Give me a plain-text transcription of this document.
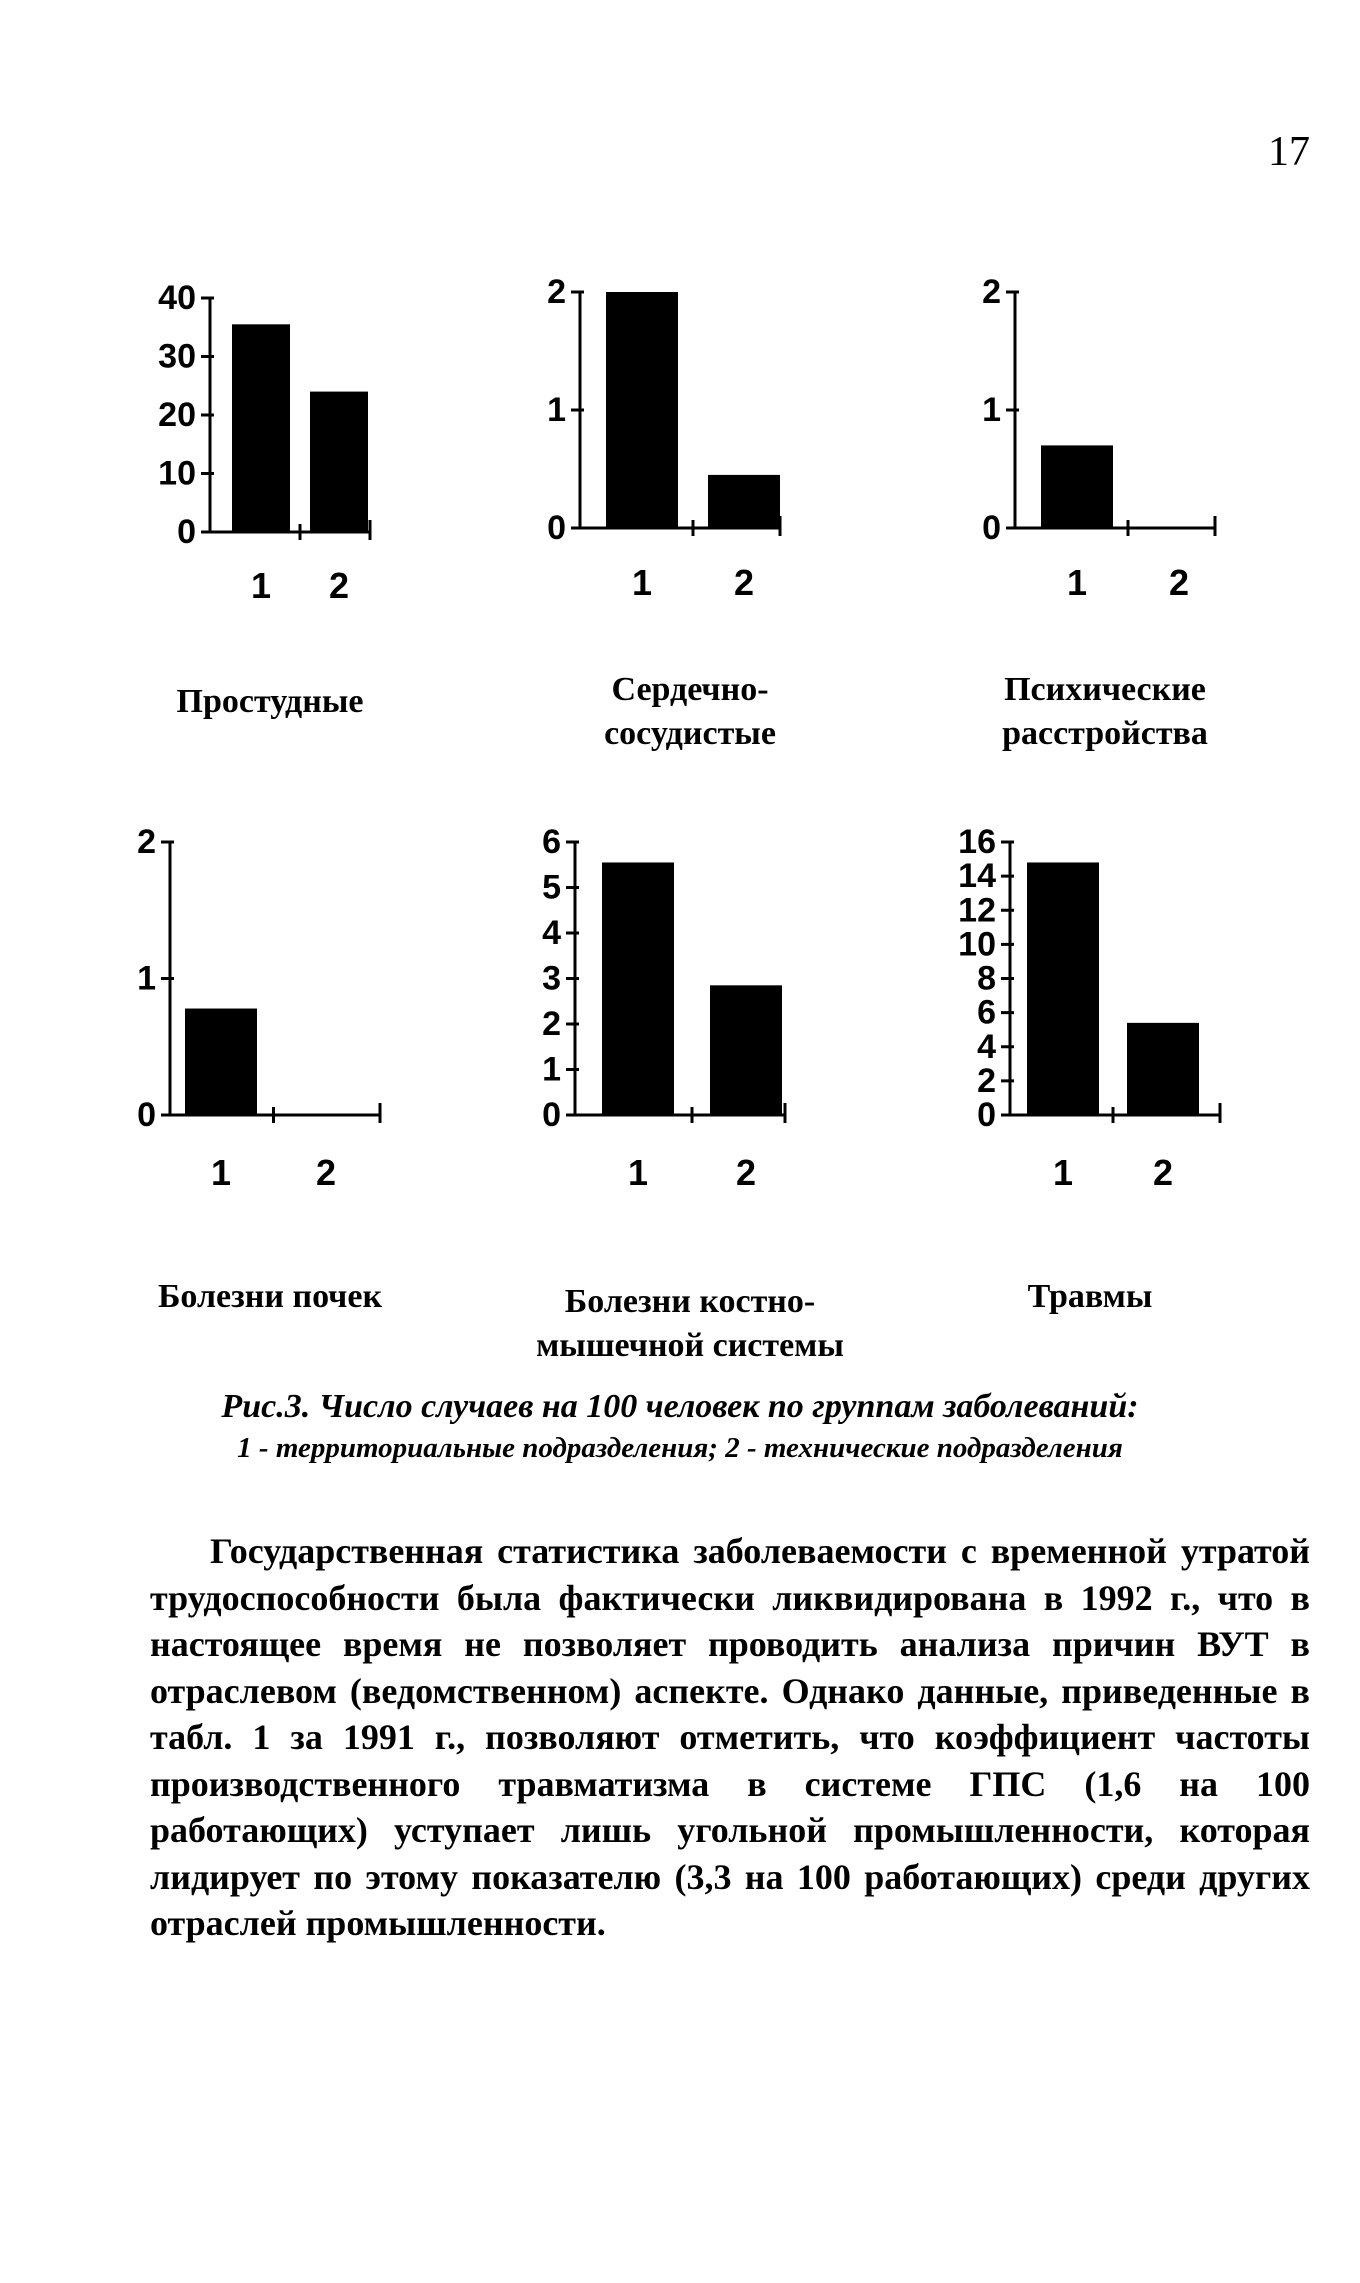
17
0
10
20
30
40
1 2
Простудные
0
1
2
1 2
Сердечно-
сосудистые
0
1
2
1 2
Психические
расстройства
0
1
2
1 2
Болезни почек
0
1
2
3
4
5
6
1 2
Болезни костно-
мышечной системы
0
2
4
6
8
10
12
14
16
1 2
Травмы
Рис.3. Число случаев на 100 человек по группам заболеваний:
1 - территориальные подразделения; 2 - технические подразделения
Государственная статистика заболеваемости с временной утратой трудоспособности была фактически ликвидирована в 1992 г., что в настоящее время не позволяет проводить анализа причин ВУТ в отраслевом (ведомственном) аспекте. Однако данные, приведенные в табл. 1 за 1991 г., позволяют отметить, что коэффициент частоты производственного травматизма в системе ГПС (1,6 на 100 работающих) уступает лишь угольной промышленности, которая лидирует по этому показателю (3,3 на 100 работающих) среди других отраслей промышленности.
